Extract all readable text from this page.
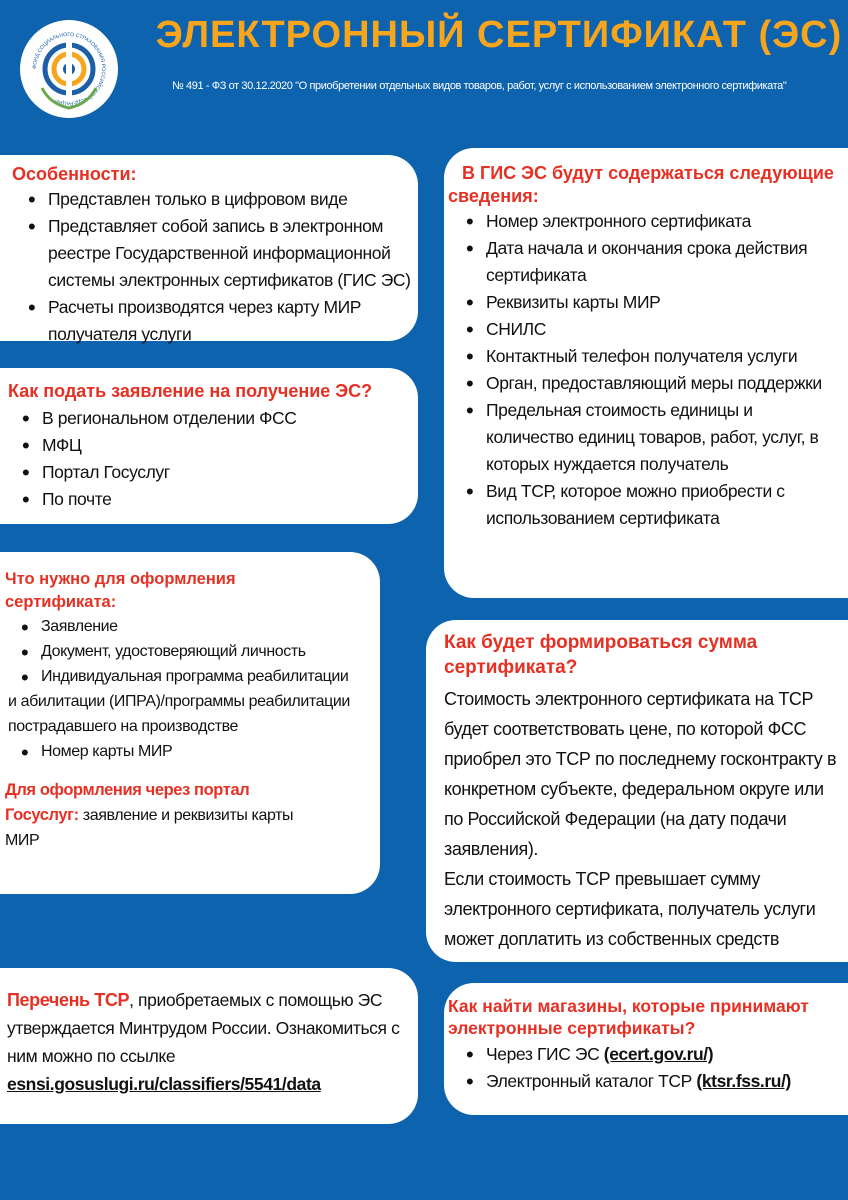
ФОНД СОЦИАЛЬНОГО СТРАХОВАНИЯ РОССИЙСКОЙ ФЕДЕРАЦИИ
ЭЛЕКТРОННЫЙ СЕРТИФИКАТ (ЭС)
№ 491 - ФЗ от 30.12.2020 "О приобретении отдельных видов товаров, работ, услуг с использованием электронного сертификата"

Особенности:

• Представлен только в цифровом виде
• Представляет собой запись в электронном реестре Государственной информационной системы электронных сертификатов (ГИС ЭС)
• Расчеты производятся через карту МИР получателя услуги

Как подать заявление на получение ЭС?

• В региональном отделении ФСС
• МФЦ
• Портал Госуслуг
• По почте

Что нужно для оформления сертификата:

• Заявление
• Документ, удостоверяющий личность
• Индивидуальная программа реабилитации
и абилитации (ИПРА)/программы реабилитации пострадавшего на производстве
• Номер карты МИР
Для оформления через портал Госуслуг: заявление и реквизиты карты МИР
Перечень ТСР, приобретаемых с помощью ЭС утверждается Минтрудом России. Ознакомиться с ним можно по ссылке
esnsi.gosuslugi.ru/classifiers/5541/data

В ГИС ЭС будут содержаться следующие сведения:

• Номер электронного сертификата
• Дата начала и окончания срока действия сертификата
• Реквизиты карты МИР
• СНИЛС
• Контактный телефон получателя услуги
• Орган, предоставляющий меры поддержки
• Предельная стоимость единицы и количество единиц товаров, работ, услуг, в которых нуждается получатель
• Вид ТСР, которое можно приобрести с использованием сертификата

Как будет формироваться сумма сертификата?

Стоимость электронного сертификата на ТСР будет соответствовать цене, по которой ФСС приобрел это ТСР по последнему госконтракту в конкретном субъекте, федеральном округе или по Российской Федерации (на дату подачи заявления).
Если стоимость ТСР превышает сумму электронного сертификата, получатель услуги может доплатить из собственных средств

Как найти магазины, которые принимают электронные сертификаты?

• Через ГИС ЭС (ecert.gov.ru/)
• Электронный каталог ТСР (ktsr.fss.ru/)
